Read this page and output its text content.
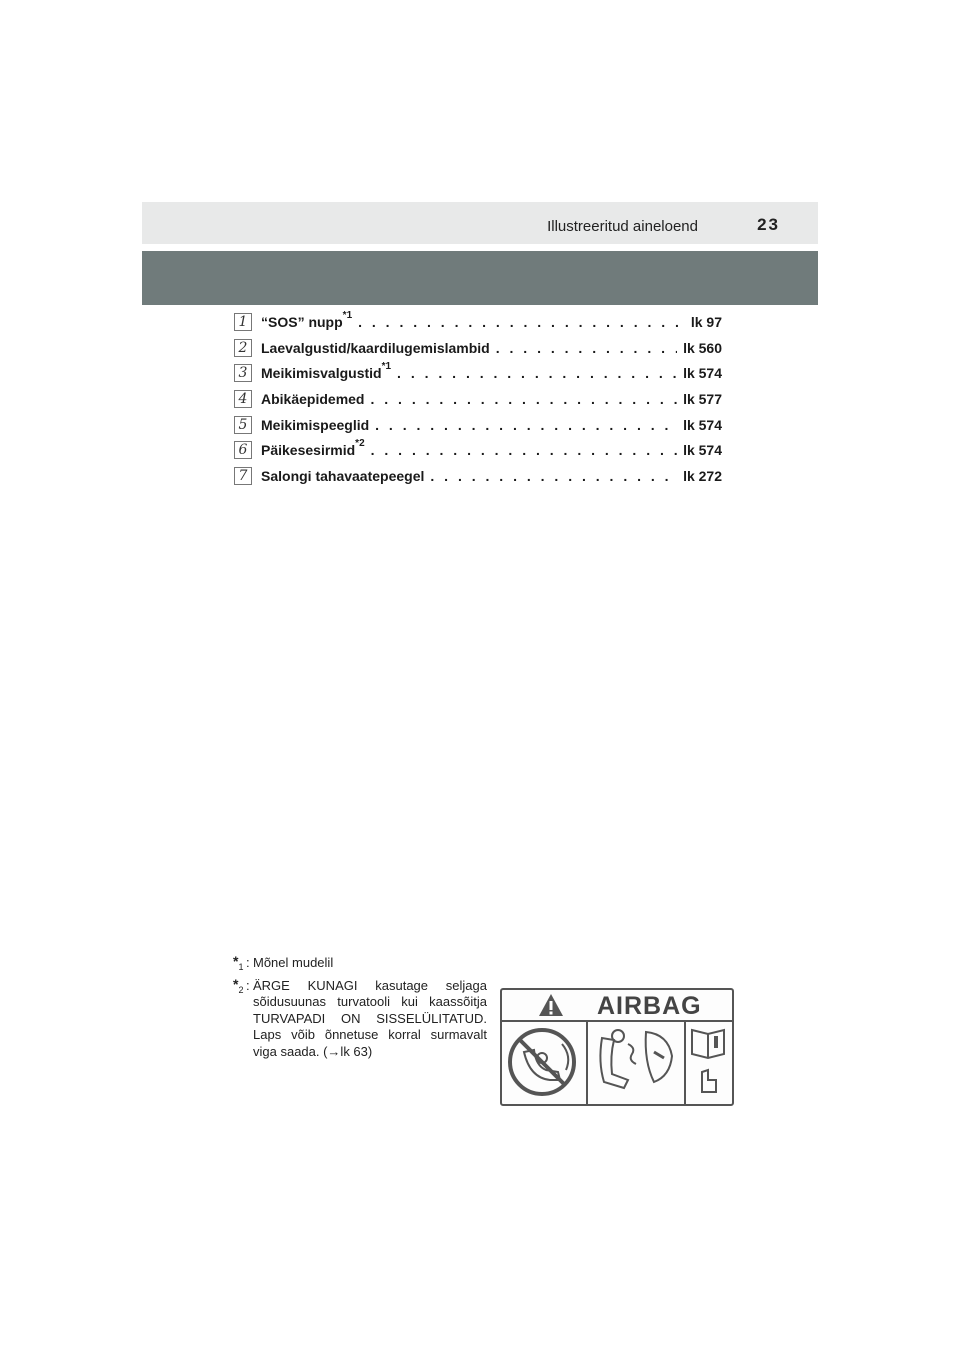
Illustreeritud aineloend	23
1 “SOS” nupp$^{*1}$ . . .	lk 97
2 Laevalgustid/kaardilugemislambid . . .	lk 560
3 Meikimisvalgustid$^{*1}$ . . .	lk 574
4 Abikäepidemed . . .	lk 577
5 Meikimispeeglid . . .	lk 574
6 Päikesesirmid$^{*2}$ . . .	lk 574
7 Salongi tahavaatepeegel . . .	lk 272
$*_1$ : Mõnel mudelil
$*_2$ : ÄRGE KUNAGI kasutage seljaga sõidusuunas turvatooli kui kaassõitja TURVAPADI ON SISSELÜLITATUD. Laps võib õnnetuse korral surmavalt viga saada. (→lk 63)
AIRBAG
